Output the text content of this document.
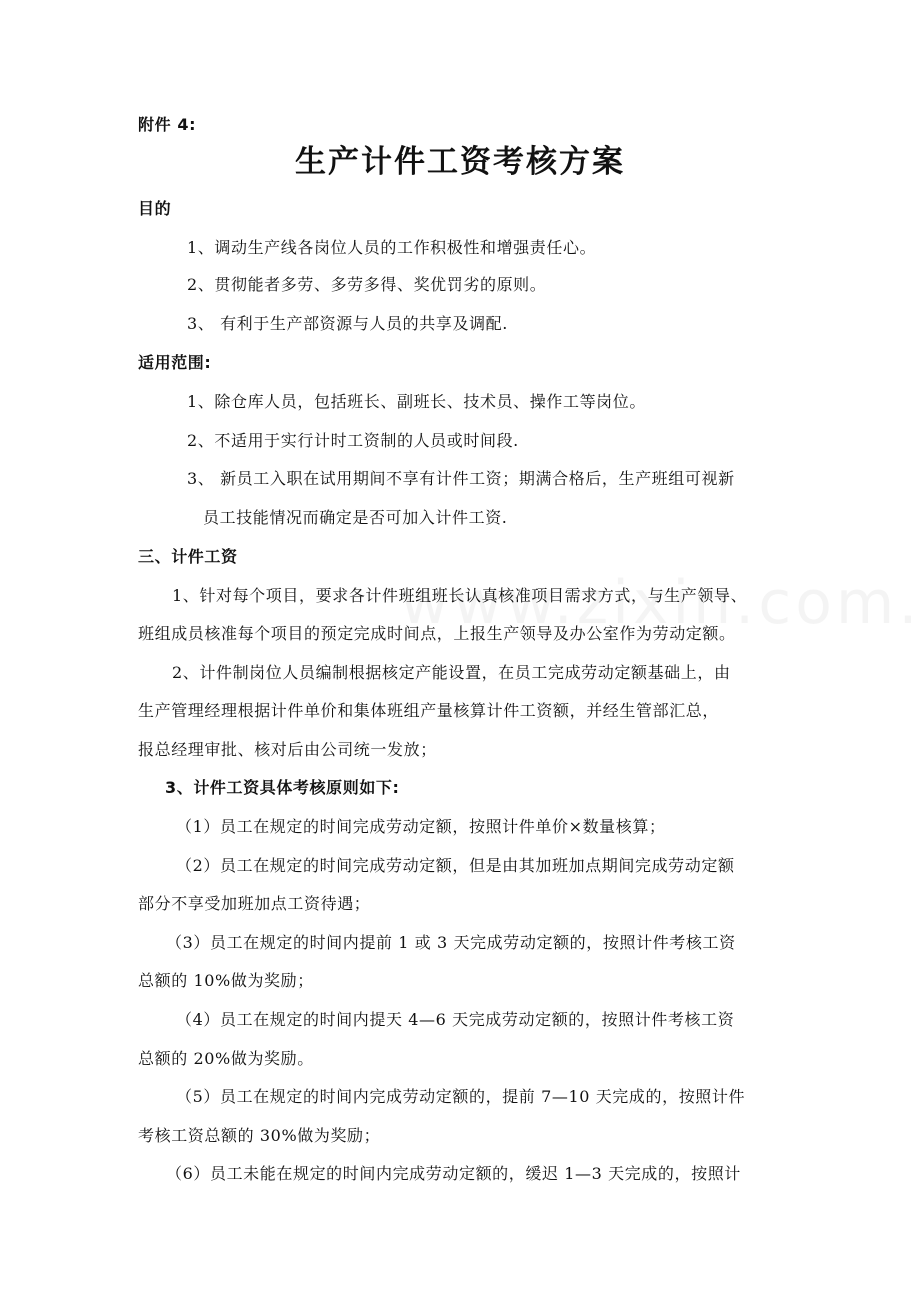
附件 4:
生产计件工资考核方案
目的
1、调动生产线各岗位人员的工作积极性和增强责任心。
2、贯彻能者多劳、多劳多得、奖优罚劣的原则。
3、 有利于生产部资源与人员的共享及调配.
适用范围:
1、除仓库人员，包括班长、副班长、技术员、操作工等岗位。
2、不适用于实行计时工资制的人员或时间段.
3、 新员工入职在试用期间不享有计件工资；期满合格后，生产班组可视新
员工技能情况而确定是否可加入计件工资.
三、计件工资
1、针对每个项目，要求各计件班组班长认真核准项目需求方式，与生产领导、
班组成员核准每个项目的预定完成时间点，上报生产领导及办公室作为劳动定额。
2、计件制岗位人员编制根据核定产能设置，在员工完成劳动定额基础上，由
生产管理经理根据计件单价和集体班组产量核算计件工资额，并经生管部汇总，
报总经理审批、核对后由公司统一发放；
3、计件工资具体考核原则如下:
（1）员工在规定的时间完成劳动定额，按照计件单价×数量核算；
（2）员工在规定的时间完成劳动定额，但是由其加班加点期间完成劳动定额
部分不享受加班加点工资待遇；
（3）员工在规定的时间内提前 1 或 3 天完成劳动定额的，按照计件考核工资
总额的 10%做为奖励；
（4）员工在规定的时间内提天 4—6 天完成劳动定额的，按照计件考核工资
总额的 20%做为奖励。
（5）员工在规定的时间内完成劳动定额的，提前 7—10 天完成的，按照计件
考核工资总额的 30%做为奖励；
（6）员工未能在规定的时间内完成劳动定额的，缓迟 1—3 天完成的，按照计
